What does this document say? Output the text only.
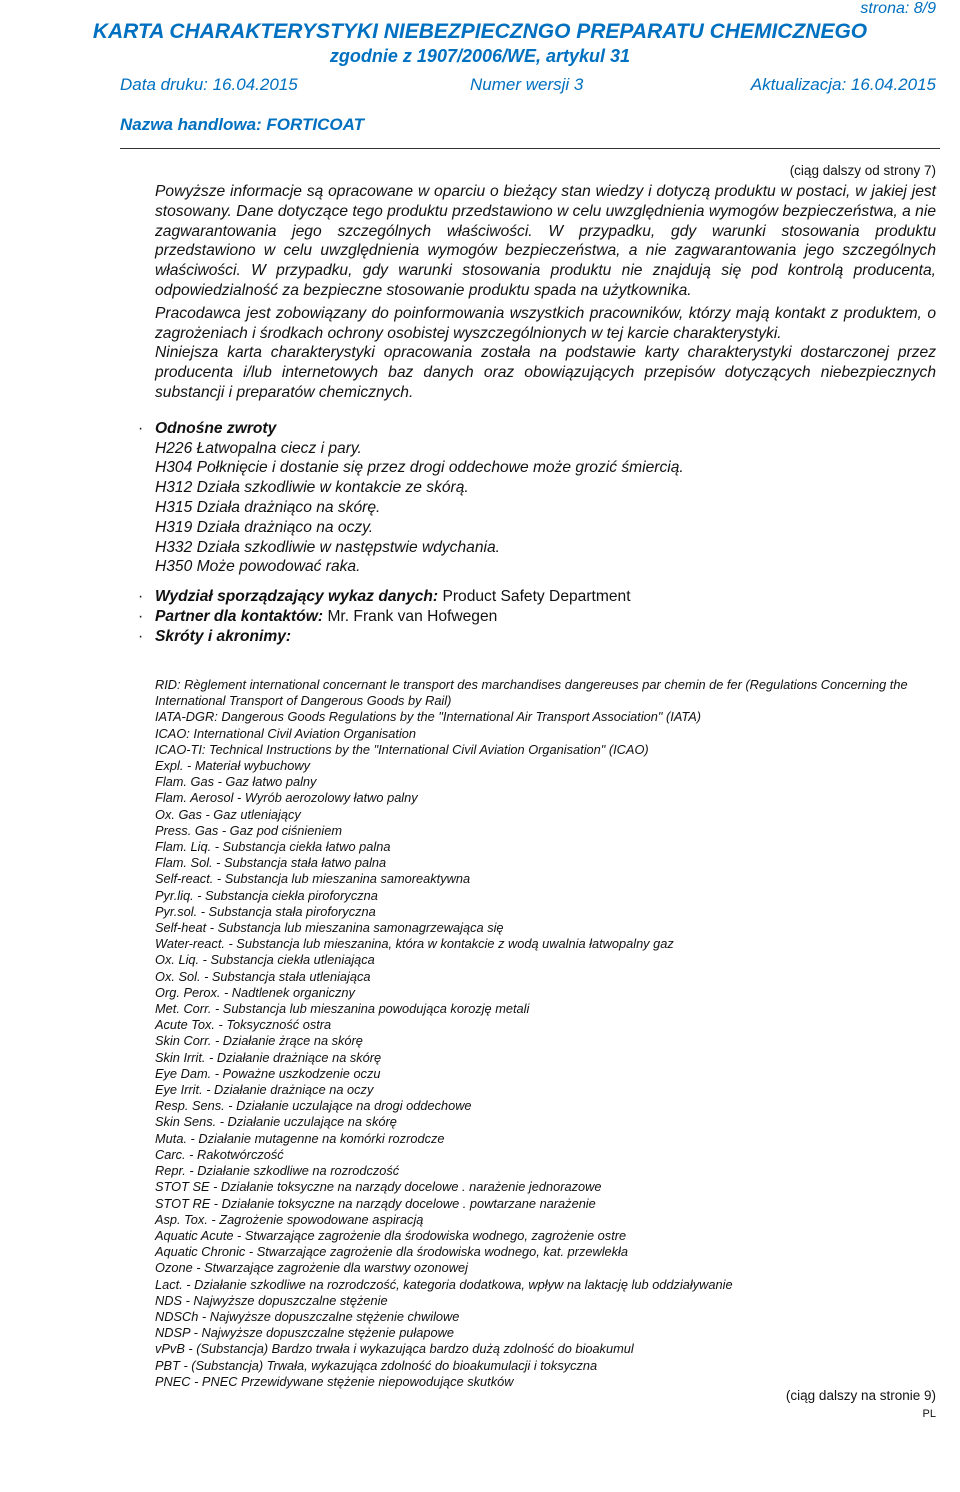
strona: 8/9
KARTA CHARAKTERYSTYKI NIEBEZPIECZNGO PREPARATU CHEMICZNEGO
zgodnie z 1907/2006/WE, artykul 31
Data druku: 16.04.2015	Numer wersji 3	Aktualizacja: 16.04.2015
Nazwa handlowa: FORTICOAT
(ciąg dalszy od strony 7)

Powyższe informacje są opracowane w oparciu o bieżący stan wiedzy i dotyczą produktu w postaci, w jakiej jest stosowany. Dane dotyczące tego produktu przedstawiono w celu uwzględnienia wymogów bezpieczeństwa, a nie zagwarantowania jego szczególnych właściwości. W przypadku, gdy warunki stosowania produktu przedstawiono w celu uwzględnienia wymogów bezpieczeństwa, a nie zagwarantowania jego szczególnych właściwości. W przypadku, gdy warunki stosowania produktu nie znajdują się pod kontrolą producenta, odpowiedzialność za bezpieczne stosowanie produktu spada na użytkownika.

Pracodawca jest zobowiązany do poinformowania wszystkich pracowników, którzy mają kontakt z produktem, o zagrożeniach i środkach ochrony osobistej wyszczególnionych w tej karcie charakterystyki.

Niniejsza karta charakterystyki opracowania została na podstawie karty charakterystyki dostarczonej przez producenta i/lub internetowych baz danych oraz obowiązujących przepisów dotyczących niebezpiecznych substancji i preparatów chemicznych.

· Odnośne zwroty
H226 Łatwopalna ciecz i pary.
H304 Połknięcie i dostanie się przez drogi oddechowe może grozić śmiercią.
H312 Działa szkodliwie w kontakcie ze skórą.
H315 Działa drażniąco na skórę.
H319 Działa drażniąco na oczy.
H332 Działa szkodliwie w następstwie wdychania.
H350 Może powodować raka.
· Wydział sporządzający wykaz danych: Product Safety Department
· Partner dla kontaktów: Mr. Frank van Hofwegen
· Skróty i akronimy:
RID: Règlement international concernant le transport des marchandises dangereuses par chemin de fer (Regulations Concerning the International Transport of Dangerous Goods by Rail)
IATA-DGR: Dangerous Goods Regulations by the "International Air Transport Association" (IATA)
ICAO: International Civil Aviation Organisation
ICAO-TI: Technical Instructions by the "International Civil Aviation Organisation" (ICAO)
Expl. - Materiał wybuchowy
Flam. Gas - Gaz łatwo palny
Flam. Aerosol - Wyrób aerozolowy łatwo palny
Ox. Gas - Gaz utleniający
Press. Gas - Gaz pod ciśnieniem
Flam. Liq. - Substancja ciekła łatwo palna
Flam. Sol. - Substancja stała łatwo palna
Self-react. - Substancja lub mieszanina samoreaktywna
Pyr.liq. - Substancja ciekła piroforyczna
Pyr.sol. - Substancja stała piroforyczna
Self-heat - Substancja lub mieszanina samonagrzewająca się
Water-react. - Substancja lub mieszanina, która w kontakcie z wodą uwalnia łatwopalny gaz
Ox. Liq. - Substancja ciekła utleniająca
Ox. Sol. - Substancja stała utleniająca
Org. Perox. - Nadtlenek organiczny
Met. Corr. - Substancja lub mieszanina powodująca korozję metali
Acute Tox. - Toksyczność ostra
Skin Corr. - Działanie żrące na skórę
Skin Irrit. - Działanie drażniące na skórę
Eye Dam. - Poważne uszkodzenie oczu
Eye Irrit. - Działanie drażniące na oczy
Resp. Sens. - Działanie uczulające na drogi oddechowe
Skin Sens. - Działanie uczulające na skórę
Muta. - Działanie mutagenne na komórki rozrodcze
Carc. - Rakotwórczość
Repr. - Działanie szkodliwe na rozrodczość
STOT SE - Działanie toksyczne na narządy docelowe . narażenie jednorazowe
STOT RE - Działanie toksyczne na narządy docelowe . powtarzane narażenie
Asp. Tox. - Zagrożenie spowodowane aspiracją
Aquatic Acute - Stwarzające zagrożenie dla środowiska wodnego, zagrożenie ostre
Aquatic Chronic - Stwarzające zagrożenie dla środowiska wodnego, kat. przewlekła
Ozone - Stwarzające zagrożenie dla warstwy ozonowej
Lact. - Działanie szkodliwe na rozrodczość, kategoria dodatkowa, wpływ na laktację lub oddziaływanie
NDS - Najwyższe dopuszczalne stężenie
NDSCh - Najwyższe dopuszczalne stężenie chwilowe
NDSP - Najwyższe dopuszczalne stężenie pułapowe
vPvB - (Substancja) Bardzo trwała i wykazująca bardzo dużą zdolność do bioakumul
PBT - (Substancja) Trwała, wykazująca zdolność do bioakumulacji i toksyczna
PNEC - PNEC Przewidywane stężenie niepowodujące skutków
(ciąg dalszy na stronie 9)
PL
